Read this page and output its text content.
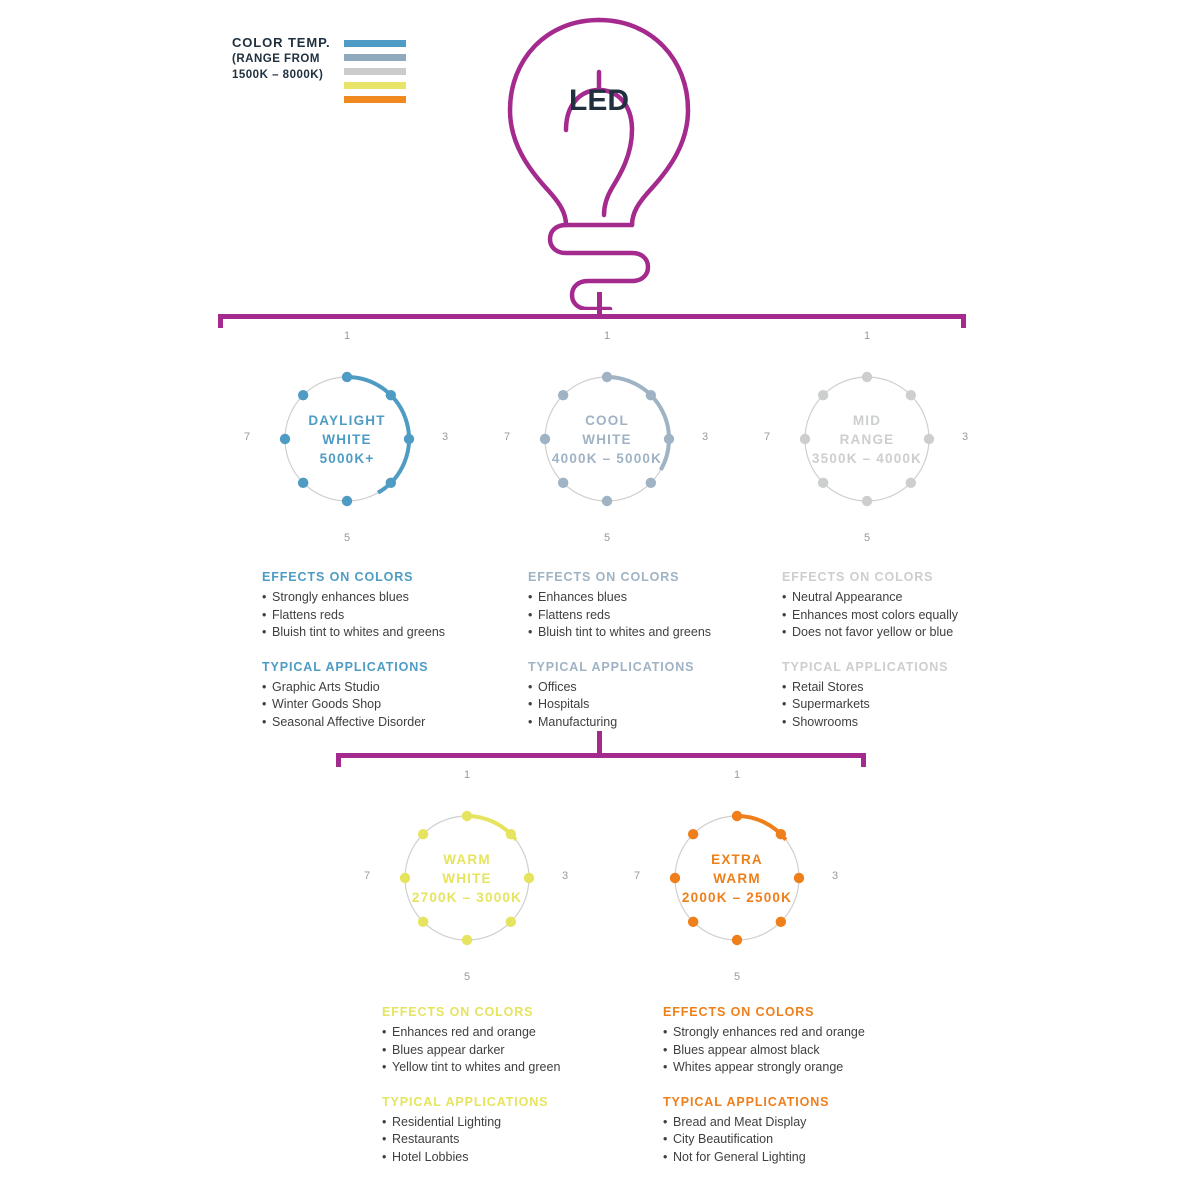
COLOR TEMP.
(RANGE FROM
1500K – 8000K)
LED
DAYLIGHT
WHITE
5000K+
1
3
5
7
COOL
WHITE
4000K – 5000K
1
3
5
7
MID
RANGE
3500K – 4000K
1
3
5
7
WARM
WHITE
2700K – 3000K
1
3
5
7
EXTRA
WARM
2000K – 2500K
1
3
5
7
EFFECTS ON COLORS
• Strongly enhances blues
• Flattens reds
• Bluish tint to whites and greens
TYPICAL APPLICATIONS
• Graphic Arts Studio
• Winter Goods Shop
• Seasonal Affective Disorder
EFFECTS ON COLORS
• Enhances blues
• Flattens reds
• Bluish tint to whites and greens
TYPICAL APPLICATIONS
• Offices
• Hospitals
• Manufacturing
EFFECTS ON COLORS
• Neutral Appearance
• Enhances most colors equally
• Does not favor yellow or blue
TYPICAL APPLICATIONS
• Retail Stores
• Supermarkets
• Showrooms
EFFECTS ON COLORS
• Enhances red and orange
• Blues appear darker
• Yellow tint to whites and green
TYPICAL APPLICATIONS
• Residential Lighting
• Restaurants
• Hotel Lobbies
EFFECTS ON COLORS
• Strongly enhances red and orange
• Blues appear almost black
• Whites appear strongly orange
TYPICAL APPLICATIONS
• Bread and Meat Display
• City Beautification
• Not for General Lighting
